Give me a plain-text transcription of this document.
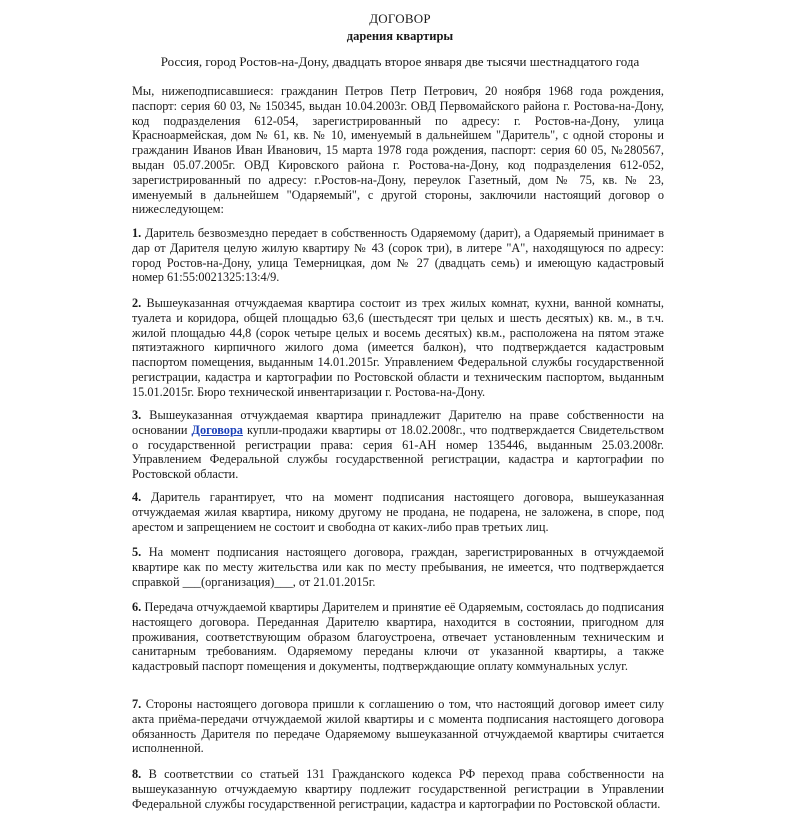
ДОГОВОР
дарения квартиры
Россия, город Ростов-на-Дону, двадцать второе января две тысячи шестнадцатого года

Мы, нижеподписавшиеся: гражданин Петров Петр Петрович, 20 ноября 1968 года рождения, паспорт: серия 60 03, № 150345, выдан 10.04.2003г. ОВД Первомайского района г. Ростова-на-Дону, код подразделения 612-054, зарегистрированный по адресу: г. Ростов-на-Дону, улица Красноармейская, дом № 61, кв. № 10, именуемый в дальнейшем "Даритель", с одной стороны и гражданин Иванов Иван Иванович, 15 марта 1978 года рождения, паспорт: серия 60 05, №280567, выдан 05.07.2005г. ОВД Кировского района г. Ростова-на-Дону, код подразделения 612-052, зарегистрированный по адресу: г.Ростов-на-Дону, переулок Газетный, дом № 75, кв. № 23, именуемый в дальнейшем "Одаряемый", с другой стороны, заключили настоящий договор о нижеследующем:

1. Даритель безвозмездно передает в собственность Одаряемому (дарит), а Одаряемый принимает в дар от Дарителя целую жилую квартиру № 43 (сорок три), в литере "А", находящуюся по адресу: город Ростов-на-Дону, улица Темерницкая, дом № 27 (двадцать семь) и имеющую кадастровый номер 61:55:0021325:13:4/9.

2. Вышеуказанная отчуждаемая квартира состоит из трех жилых комнат, кухни, ванной комнаты, туалета и коридора, общей площадью 63,6 (шестьдесят три целых и шесть десятых) кв. м., в т.ч. жилой площадью 44,8 (сорок четыре целых и восемь десятых) кв.м., расположена на пятом этаже пятиэтажного кирпичного жилого дома (имеется балкон), что подтверждается кадастровым паспортом помещения, выданным 14.01.2015г. Управлением Федеральной службы государственной регистрации, кадастра и картографии по Ростовской области и техническим паспортом, выданным 15.01.2015г. Бюро технической инвентаризации г. Ростова-на-Дону.

3. Вышеуказанная отчуждаемая квартира принадлежит Дарителю на праве собственности на основании Договора купли-продажи квартиры от 18.02.2008г., что подтверждается Свидетельством о государственной регистрации права: серия 61-АН номер 135446, выданным 25.03.2008г. Управлением Федеральной службы государственной регистрации, кадастра и картографии по Ростовской области.

4. Даритель гарантирует, что на момент подписания настоящего договора, вышеуказанная отчуждаемая жилая квартира, никому другому не продана, не подарена, не заложена, в споре, под арестом и запрещением не состоит и свободна от каких-либо прав третьих лиц.

5. На момент подписания настоящего договора, граждан, зарегистрированных в отчуждаемой квартире как по месту жительства или как по месту пребывания, не имеется, что подтверждается справкой ___(организация)___, от 21.01.2015г.

6. Передача отчуждаемой квартиры Дарителем и принятие её Одаряемым, состоялась до подписания настоящего договора. Переданная Дарителю квартира, находится в состоянии, пригодном для проживания, соответствующим образом благоустроена, отвечает установленным техническим и санитарным требованиям. Одаряемому переданы ключи от указанной квартиры, а также кадастровый паспорт помещения и документы, подтверждающие оплату коммунальных услуг.

7. Стороны настоящего договора пришли к соглашению о том, что настоящий договор имеет силу акта приёма-передачи отчуждаемой жилой квартиры и с момента подписания настоящего договора обязанность Дарителя по передаче Одаряемому вышеуказанной отчуждаемой квартиры считается исполненной.

8. В соответствии со статьей 131 Гражданского кодекса РФ переход права собственности на вышеуказанную отчуждаемую квартиру подлежит государственной регистрации в Управлении Федеральной службы государственной регистрации, кадастра и картографии по Ростовской области.
